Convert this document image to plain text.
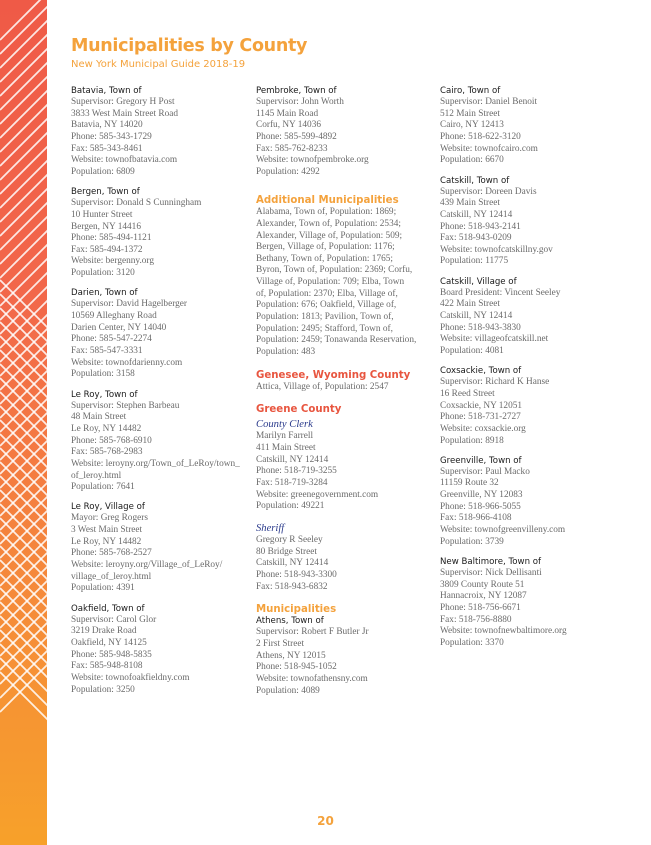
Municipalities by County
New York Municipal Guide 2018-19
Batavia, Town of
Supervisor: Gregory H Post
3833 West Main Street Road
Batavia, NY 14020
Phone: 585-343-1729
Fax: 585-343-8461
Website: townofbatavia.com
Population: 6809
Bergen, Town of
Supervisor: Donald S Cunningham
10 Hunter Street
Bergen, NY 14416
Phone: 585-494-1121
Fax: 585-494-1372
Website: bergenny.org
Population: 3120
Darien, Town of
Supervisor: David Hagelberger
10569 Alleghany Road
Darien Center, NY 14040
Phone: 585-547-2274
Fax: 585-547-3331
Website: townofdarienny.com
Population: 3158
Le Roy, Town of
Supervisor: Stephen Barbeau
48 Main Street
Le Roy, NY 14482
Phone: 585-768-6910
Fax: 585-768-2983
Website: leroyny.org/Town_of_LeRoy/town_
of_leroy.html
Population: 7641
Le Roy, Village of
Mayor: Greg Rogers
3 West Main Street
Le Roy, NY 14482
Phone: 585-768-2527
Website: leroyny.org/Village_of_LeRoy/
village_of_leroy.html
Population: 4391
Oakfield, Town of
Supervisor: Carol Glor
3219 Drake Road
Oakfield, NY 14125
Phone: 585-948-5835
Fax: 585-948-8108
Website: townofoakfieldny.com
Population: 3250
Pembroke, Town of
Supervisor: John Worth
1145 Main Road
Corfu, NY 14036
Phone: 585-599-4892
Fax: 585-762-8233
Website: townofpembroke.org
Population: 4292
Additional Municipalities
Alabama, Town of, Population: 1869;
Alexander, Town of, Population: 2534;
Alexander, Village of, Population: 509;
Bergen, Village of, Population: 1176;
Bethany, Town of, Population: 1765;
Byron, Town of, Population: 2369; Corfu,
Village of, Population: 709; Elba, Town
of, Population: 2370; Elba, Village of,
Population: 676; Oakfield, Village of,
Population: 1813; Pavilion, Town of,
Population: 2495; Stafford, Town of,
Population: 2459; Tonawanda Reservation,
Population: 483
Genesee, Wyoming County
Attica, Village of, Population: 2547
Greene County
County Clerk
Marilyn Farrell
411 Main Street
Catskill, NY 12414
Phone: 518-719-3255
Fax: 518-719-3284
Website: greenegovernment.com
Population: 49221
Sheriff
Gregory R Seeley
80 Bridge Street
Catskill, NY 12414
Phone: 518-943-3300
Fax: 518-943-6832
Municipalities
Athens, Town of
Supervisor: Robert F Butler Jr
2 First Street
Athens, NY 12015
Phone: 518-945-1052
Website: townofathensny.com
Population: 4089
Cairo, Town of
Supervisor: Daniel Benoit
512 Main Street
Cairo, NY 12413
Phone: 518-622-3120
Website: townofcairo.com
Population: 6670
Catskill, Town of
Supervisor: Doreen Davis
439 Main Street
Catskill, NY 12414
Phone: 518-943-2141
Fax: 518-943-0209
Website: townofcatskillny.gov
Population: 11775
Catskill, Village of
Board President: Vincent Seeley
422 Main Street
Catskill, NY 12414
Phone: 518-943-3830
Website: villageofcatskill.net
Population: 4081
Coxsackie, Town of
Supervisor: Richard K Hanse
16 Reed Street
Coxsackie, NY 12051
Phone: 518-731-2727
Website: coxsackie.org
Population: 8918
Greenville, Town of
Supervisor: Paul Macko
11159 Route 32
Greenville, NY 12083
Phone: 518-966-5055
Fax: 518-966-4108
Website: townofgreenvilleny.com
Population: 3739
New Baltimore, Town of
Supervisor: Nick Dellisanti
3809 County Route 51
Hannacroix, NY 12087
Phone: 518-756-6671
Fax: 518-756-8880
Website: townofnewbaltimore.org
Population: 3370
20
